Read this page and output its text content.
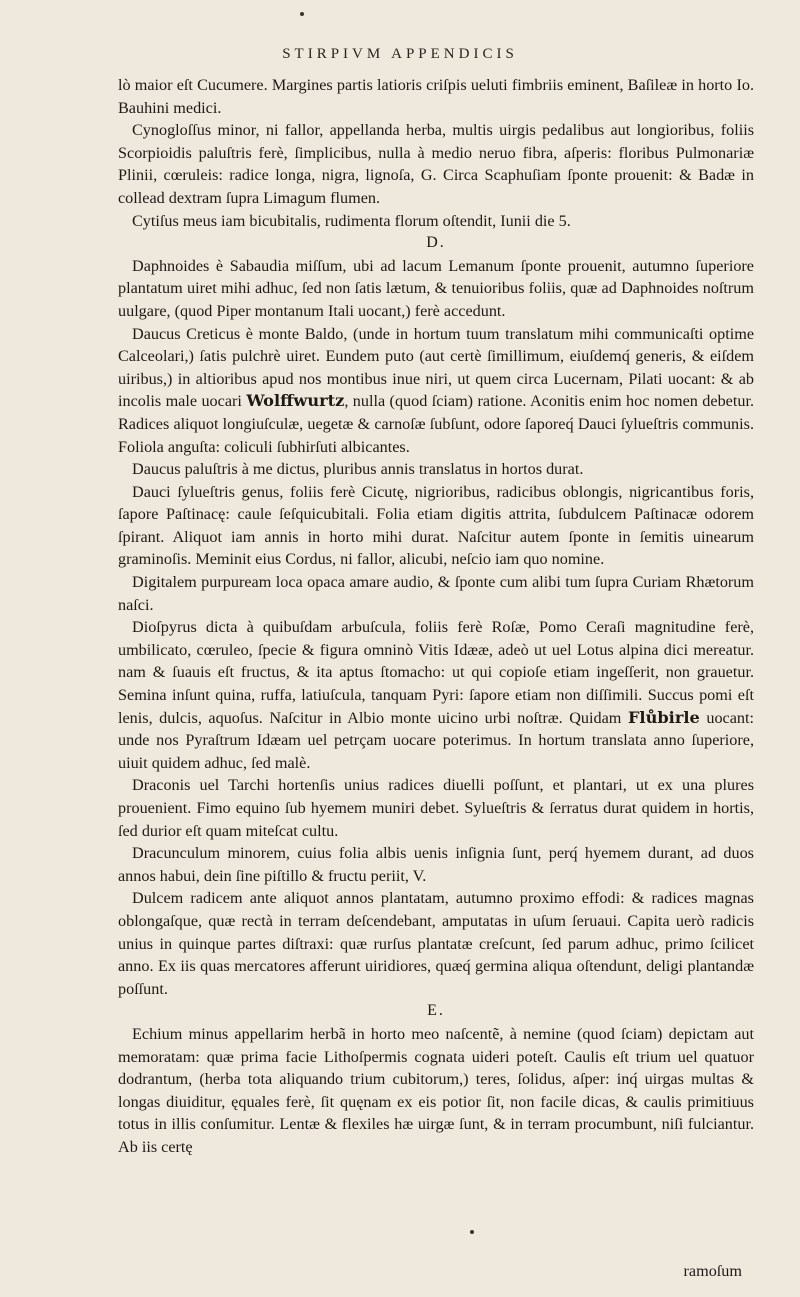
STIRPIVM APPENDICIS

lò maior eſt Cucumere. Margines partis latioris criſpis ueluti fimbriis eminent, Baſileæ in horto Io. Bauhini medici.

Cynogloſſus minor, ni fallor, appellanda herba, multis uirgis pedalibus aut longioribus, foliis Scorpioidis paluſtris ferè, ſimplicibus, nulla à medio neruo fibra, aſperis: floribus Pulmonariæ Plinii, cœruleis: radice longa, nigra, lignoſa, G. Circa Scaphuſiam ſponte prouenit: & Badæ in collead dextram ſupra Limagum flumen.

Cytiſus meus iam bicubitalis, rudimenta florum oſtendit, Iunii die 5.

D.

Daphnoides è Sabaudia miſſum, ubi ad lacum Lemanum ſponte prouenit, autumno ſuperiore plantatum uiret mihi adhuc, ſed non ſatis lætum, & tenuioribus foliis, quæ ad Daphnoides noſtrum uulgare, (quod Piper montanum Itali uocant,) ferè accedunt.

Daucus Creticus è monte Baldo, (unde in hortum tuum translatum mihi communicaſti optime Calceolari,) ſatis pulchrè uiret. Eundem puto (aut certè ſimillimum, eiuſdemq́ generis, & eiſdem uiribus,) in altioribus apud nos montibus inue niri, ut quem circa Lucernam, Pilati uocant: & ab incolis male uocari Wolffwurtz, nulla (quod ſciam) ratione. Aconitis enim hoc nomen debetur. Radices aliquot longiuſculæ, uegetæ & carnoſæ ſubſunt, odore ſaporeq́ Dauci ſylueſtris communis. Foliola anguſta: coliculi ſubhirſuti albicantes.

Daucus paluſtris à me dictus, pluribus annis translatus in hortos durat.

Dauci ſylueſtris genus, foliis ferè Cicutę, nigrioribus, radicibus oblongis, nigricantibus foris, ſapore Paſtinacę: caule ſeſquicubitali. Folia etiam digitis attrita, ſubdulcem Paſtinacæ odorem ſpirant. Aliquot iam annis in horto mihi durat. Naſcitur autem ſponte in ſemitis uinearum graminoſis. Meminit eius Cordus, ni fallor, alicubi, neſcio iam quo nomine.

Digitalem purpuream loca opaca amare audio, & ſponte cum alibi tum ſupra Curiam Rhætorum naſci.

Dioſpyrus dicta à quibuſdam arbuſcula, foliis ferè Roſæ, Pomo Ceraſi magnitudine ferè, umbilicato, cœruleo, ſpecie & figura omninò Vitis Idææ, adeò ut uel Lotus alpina dici mereatur. nam & ſuauis eſt fructus, & ita aptus ſtomacho: ut qui copioſe etiam ingeſſerit, non grauetur. Semina inſunt quina, ruffa, latiuſcula, tanquam Pyri: ſapore etiam non diſſimili. Succus pomi eſt lenis, dulcis, aquoſus. Naſcitur in Albio monte uicino urbi noſtræ. Quidam Flůbirle uocant: unde nos Pyraſtrum Idæam uel petrçam uocare poterimus. In hortum translata anno ſuperiore, uiuit quidem adhuc, ſed malè.

Draconis uel Tarchi hortenſis unius radices diuelli poſſunt, et plantari, ut ex una plures prouenient. Fimo equino ſub hyemem muniri debet. Sylueſtris & ſerratus durat quidem in hortis, ſed durior eſt quam miteſcat cultu.

Dracunculum minorem, cuius folia albis uenis inſignia ſunt, perq́ hyemem durant, ad duos annos habui, dein ſine piſtillo & fructu periit, V.

Dulcem radicem ante aliquot annos plantatam, autumno proximo effodi: & radices magnas oblongaſque, quæ rectà in terram deſcendebant, amputatas in uſum ſeruaui. Capita uerò radicis unius in quinque partes diſtraxi: quæ rurſus plantatæ creſcunt, ſed parum adhuc, primo ſcilicet anno. Ex iis quas mercatores afferunt uiridiores, quæq́ germina aliqua oſtendunt, deligi plantandæ poſſunt.

E.

Echium minus appellarim herbã in horto meo naſcentẽ, à nemine (quod ſciam) depictam aut memoratam: quæ prima facie Lithoſpermis cognata uideri poteſt. Caulis eſt trium uel quatuor dodrantum, (herba tota aliquando trium cubitorum,) teres, ſolidus, aſper: inq́ uirgas multas & longas diuiditur, ęquales ferè, ſit quęnam ex eis potior ſit, non facile dicas, & caulis primitiuus totus in illis conſumitur. Lentæ & flexiles hæ uirgæ ſunt, & in terram procumbunt, niſi fulciantur. Ab iis certę

ramoſum
